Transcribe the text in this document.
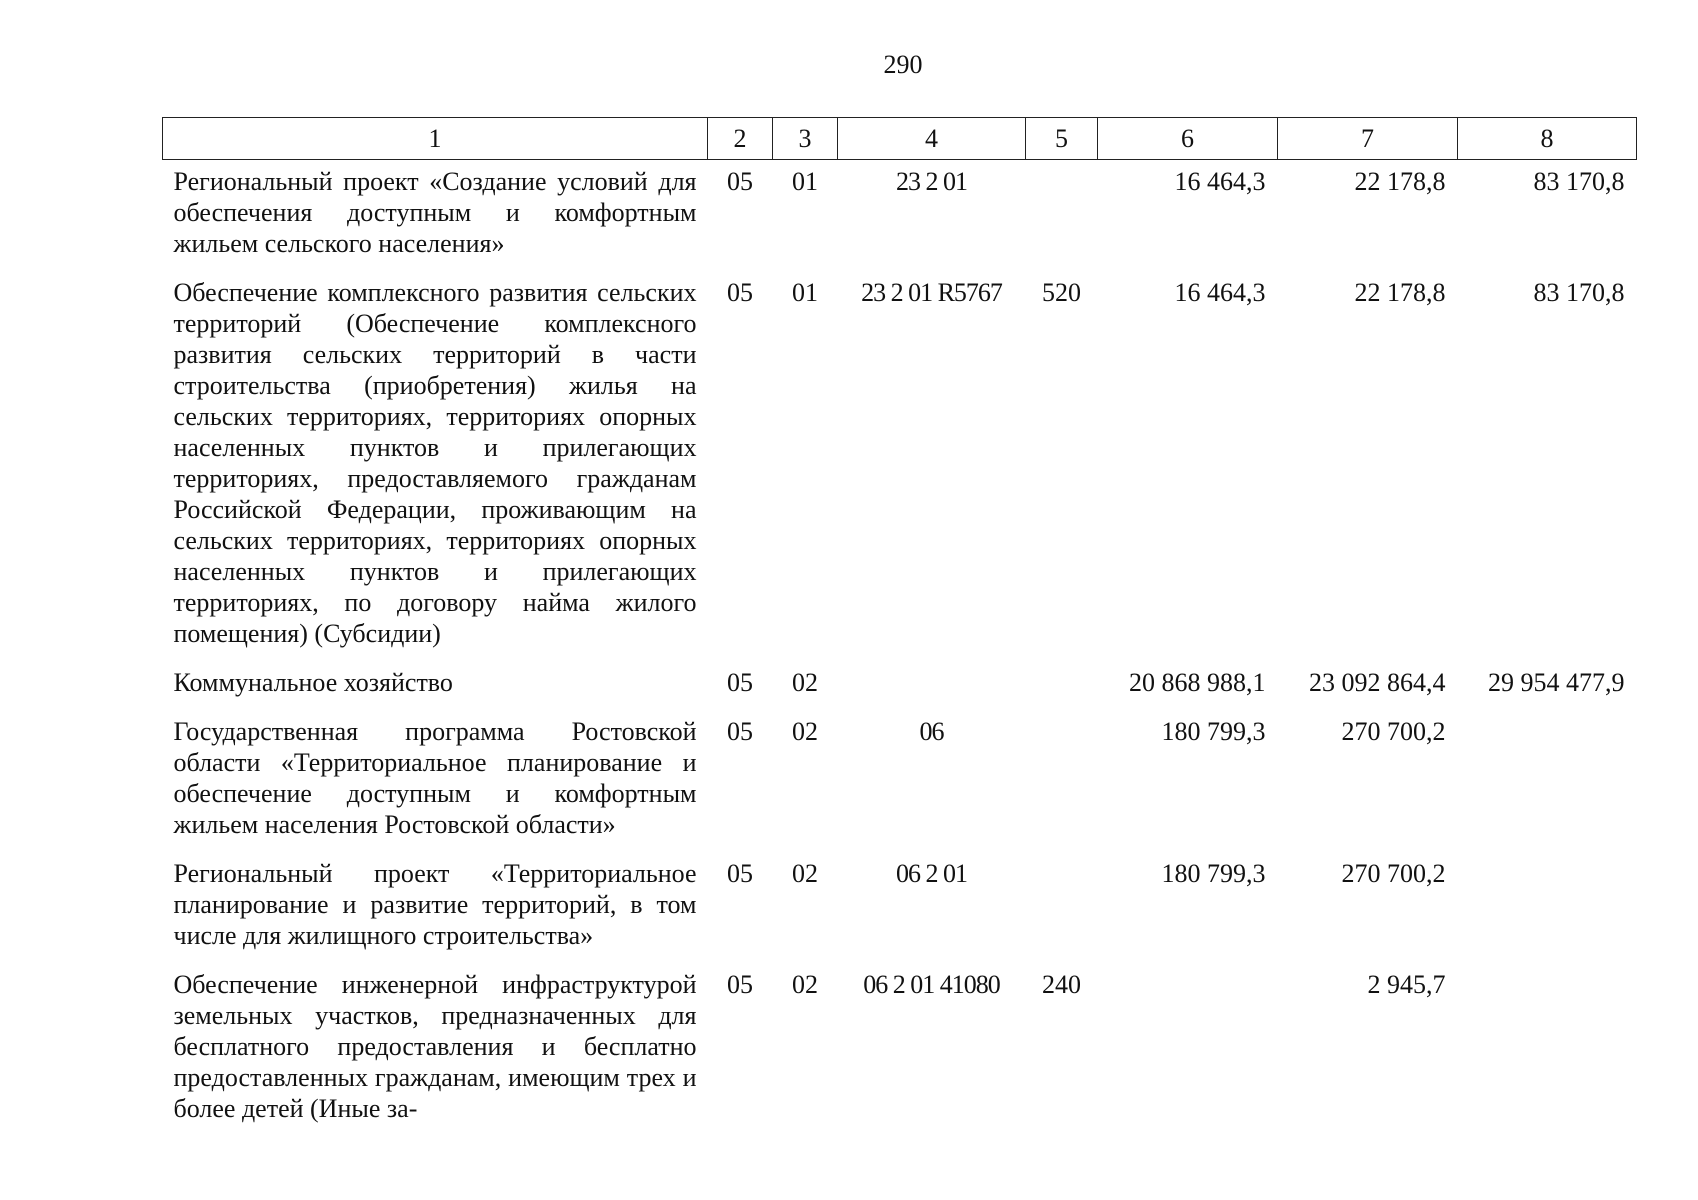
290
1	2	3	4	5	6	7	8
Региональный проект «Создание условий для обеспечения доступным и комфортным жильем сельского населения»	05	01	23 2 01		16 464,3	22 178,8	83 170,8
Обеспечение комплексного развития сельских территорий (Обеспечение комплексного развития сельских территорий в части строительства (приобретения) жилья на сельских территориях, территориях опорных населенных пунктов и прилегающих территориях, предоставляемого гражданам Российской Федерации, проживающим на сельских территориях, территориях опорных населенных пунктов и прилегающих территориях, по договору найма жилого помещения) (Субсидии)	05	01	23 2 01 R5767	520	16 464,3	22 178,8	83 170,8
Коммунальное хозяйство	05	02			20 868 988,1	23 092 864,4	29 954 477,9
Государственная программа Ростовской области «Территориальное планирование и обеспечение доступным и комфортным жильем населения Ростовской области»	05	02	06		180 799,3	270 700,2	
Региональный проект «Территориальное планирование и развитие территорий, в том числе для жилищного строительства»	05	02	06 2 01		180 799,3	270 700,2	
Обеспечение инженерной инфраструктурой земельных участков, предназначенных для бесплатного предоставления и бесплатно предоставленных гражданам, имеющим трех и более детей (Иные за-	05	02	06 2 01 41080	240		2 945,7	
